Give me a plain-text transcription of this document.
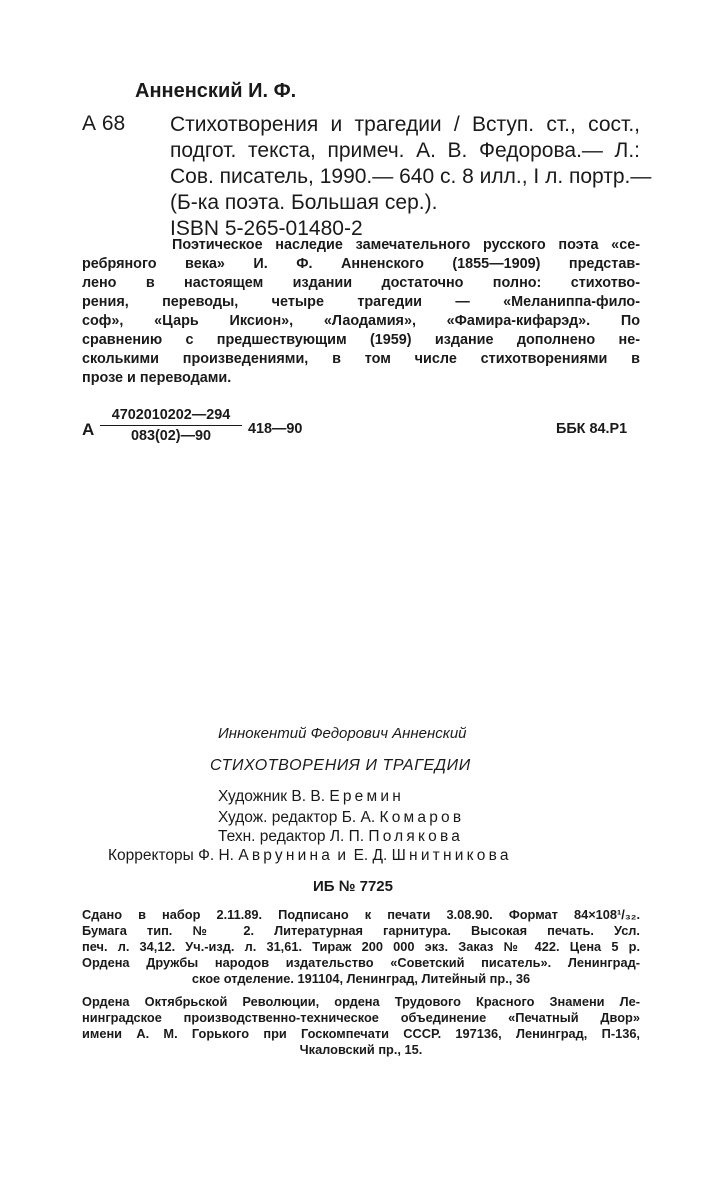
Анненский И. Ф.
А 68 Стихотворения и трагедии / Вступ. ст., сост.,
подгот. текста, примеч. А. В. Федорова.— Л.:
Сов. писатель, 1990.— 640 с. 8 илл., I л. портр.—
(Б-ка поэта. Большая сер.).
ISBN 5-265-01480-2
Поэтическое наследие замечательного русского поэта «се-
ребряного века» И. Ф. Анненского (1855—1909) представ-
лено в настоящем издании достаточно полно: стихотво-
рения, переводы, четыре трагедии — «Меланиппа-фило-
соф», «Царь Иксион», «Лаодамия», «Фамира-кифарэд». По
сравнению с предшествующим (1959) издание дополнено не-
сколькими произведениями, в том числе стихотворениями в
прозе и переводами.
А $\frac{4702010202—294}{083(02)—90}$ 418—90	ББК 84.Р1
Иннокентий Федорович Анненский
СТИХОТВОРЕНИЯ И ТРАГЕДИИ
Художник В. В. Еремин
Худож. редактор Б. А. Комаров
Техн. редактор Л. П. Полякова
Корректоры Ф. Н. Аврунина и Е. Д. Шнитникова
ИБ № 7725
Сдано в набор 2.11.89. Подписано к печати 3.08.90. Формат 84×108¹/₃₂.
Бумага тип. № 2. Литературная гарнитура. Высокая печать. Усл.
печ. л. 34,12. Уч.-изд. л. 31,61. Тираж 200 000 экз. Заказ № 422. Цена 5 р.
Ордена Дружбы народов издательство «Советский писатель». Ленинград-
ское отделение. 191104, Ленинград, Литейный пр., 36
Ордена Октябрьской Революции, ордена Трудового Красного Знамени Ле-
нинградское производственно-техническое объединение «Печатный Двор»
имени А. М. Горького при Госкомпечати СССР. 197136, Ленинград, П-136,
Чкаловский пр., 15.
